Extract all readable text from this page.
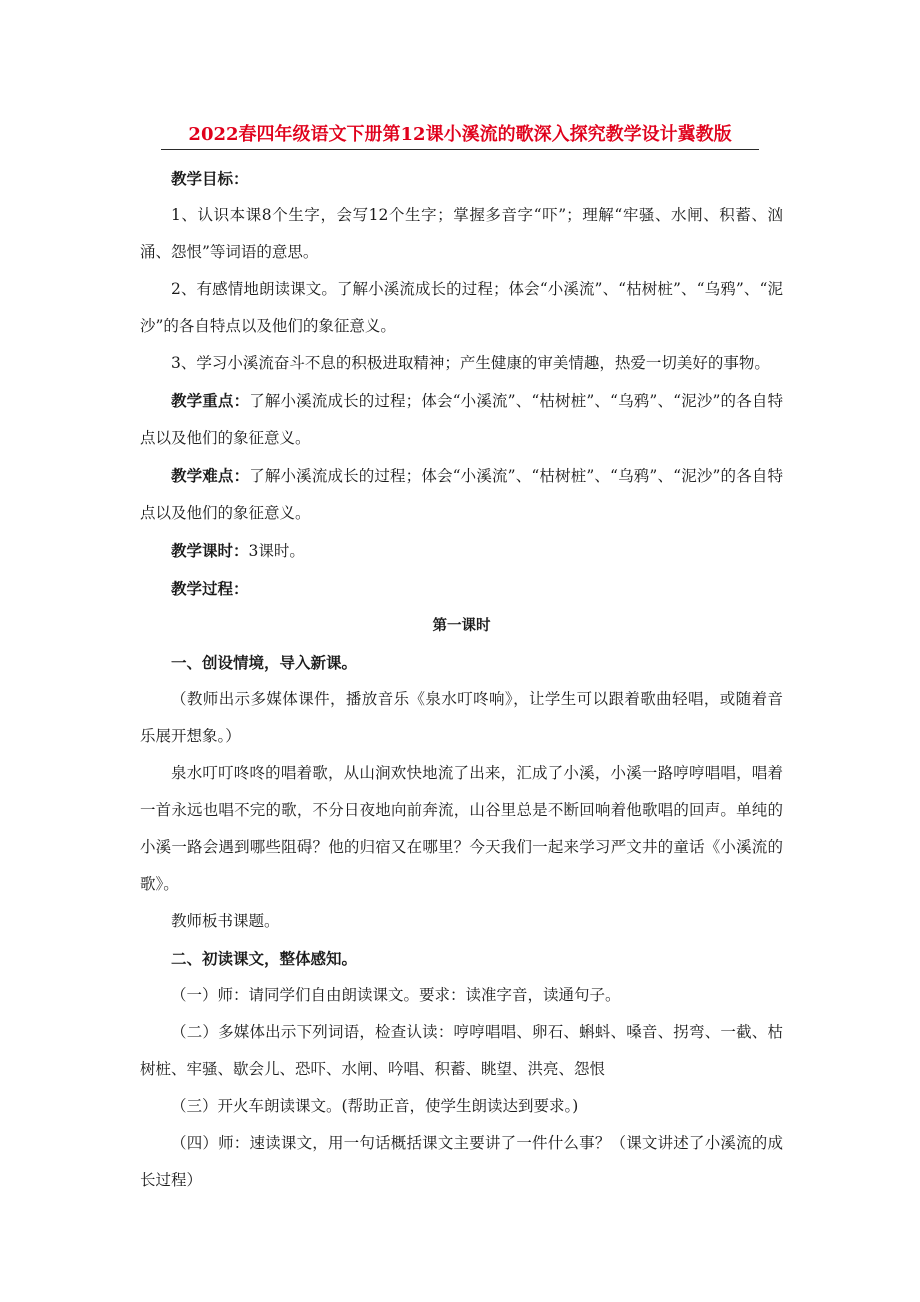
2022春四年级语文下册第12课小溪流的歌深入探究教学设计冀教版

教学目标：

1、认识本课8个生字，会写12个生字；掌握多音字“吓”；理解“牢骚、水闸、积蓄、汹涌、怨恨”等词语的意思。

2、有感情地朗读课文。了解小溪流成长的过程；体会“小溪流”、“枯树桩”、“乌鸦”、“泥沙”的各自特点以及他们的象征意义。

3、学习小溪流奋斗不息的积极进取精神；产生健康的审美情趣，热爱一切美好的事物。

教学重点：了解小溪流成长的过程；体会“小溪流”、“枯树桩”、“乌鸦”、“泥沙”的各自特点以及他们的象征意义。

教学难点：了解小溪流成长的过程；体会“小溪流”、“枯树桩”、“乌鸦”、“泥沙”的各自特点以及他们的象征意义。

教学课时：3课时。

教学过程：

第一课时

一、创设情境，导入新课。

（教师出示多媒体课件，播放音乐《泉水叮咚响》，让学生可以跟着歌曲轻唱，或随着音乐展开想象。）

泉水叮叮咚咚的唱着歌，从山涧欢快地流了出来，汇成了小溪，小溪一路哼哼唱唱，唱着一首永远也唱不完的歌，不分日夜地向前奔流，山谷里总是不断回响着他歌唱的回声。单纯的小溪一路会遇到哪些阻碍？他的归宿又在哪里？今天我们一起来学习严文井的童话《小溪流的歌》。

教师板书课题。

二、初读课文，整体感知。

（一）师：请同学们自由朗读课文。要求：读准字音，读通句子。

（二）多媒体出示下列词语，检查认读：哼哼唱唱、卵石、蝌蚪、嗓音、拐弯、一截、枯树桩、牢骚、歇会儿、恐吓、水闸、吟唱、积蓄、眺望、洪亮、怨恨

（三）开火车朗读课文。(帮助正音，使学生朗读达到要求。)

（四）师：速读课文，用一句话概括课文主要讲了一件什么事？（课文讲述了小溪流的成长过程）
